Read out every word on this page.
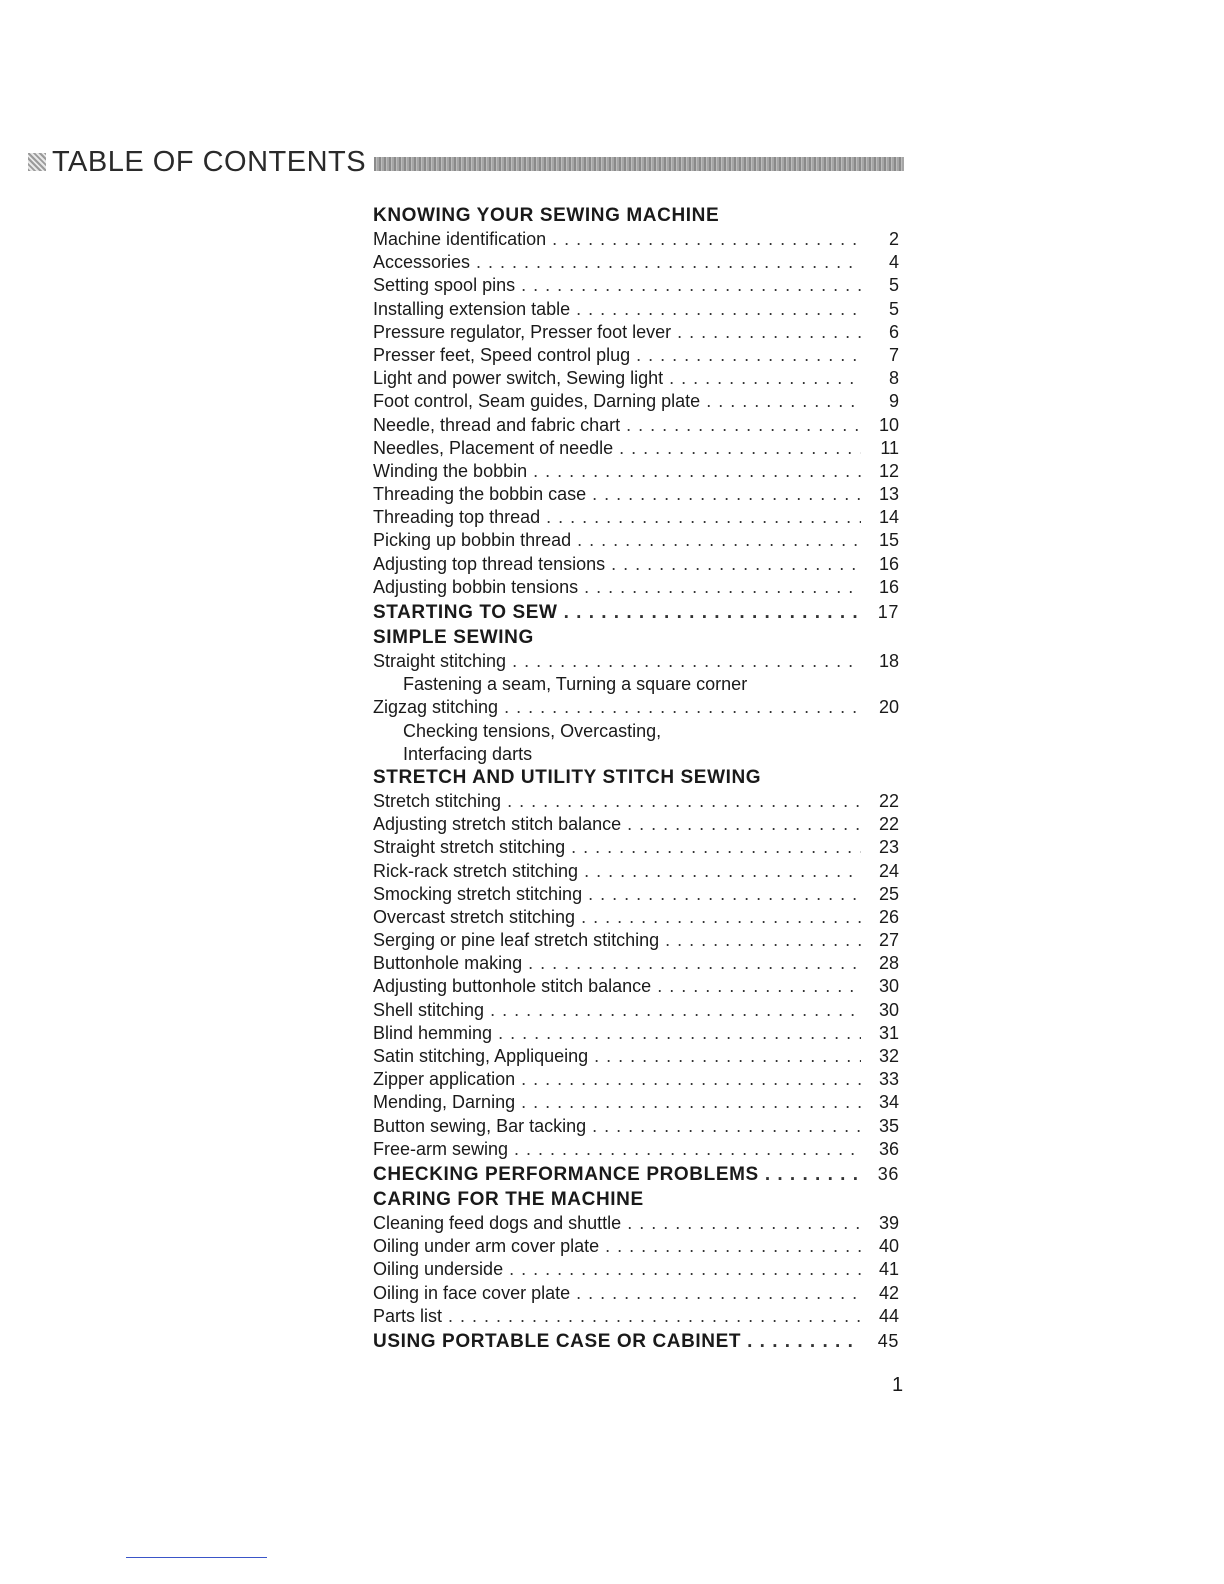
TABLE OF CONTENTS
KNOWING YOUR SEWING MACHINE
Machine identification . . .	2
Accessories . . .	4
Setting spool pins . . .	5
Installing extension table . . .	5
Pressure regulator, Presser foot lever . . .	6
Presser feet, Speed control plug . . .	7
Light and power switch, Sewing light . . .	8
Foot control, Seam guides, Darning plate . . .	9
Needle, thread and fabric chart . . .	10
Needles, Placement of needle . . .	11
Winding the bobbin . . .	12
Threading the bobbin case . . .	13
Threading top thread . . .	14
Picking up bobbin thread . . .	15
Adjusting top thread tensions . . .	16
Adjusting bobbin tensions . . .	16
STARTING TO SEW . . .	17
SIMPLE SEWING
Straight stitching . . .	18
Fastening a seam, Turning a square corner
Zigzag stitching . . .	20
Checking tensions, Overcasting,
Interfacing darts
STRETCH AND UTILITY STITCH SEWING
Stretch stitching . . .	22
Adjusting stretch stitch balance . . .	22
Straight stretch stitching . . .	23
Rick-rack stretch stitching . . .	24
Smocking stretch stitching . . .	25
Overcast stretch stitching . . .	26
Serging or pine leaf stretch stitching . . .	27
Buttonhole making . . .	28
Adjusting buttonhole stitch balance . . .	30
Shell stitching . . .	30
Blind hemming . . .	31
Satin stitching, Appliqueing . . .	32
Zipper application . . .	33
Mending, Darning . . .	34
Button sewing, Bar tacking . . .	35
Free-arm sewing . . .	36
CHECKING PERFORMANCE PROBLEMS . . .	36
CARING FOR THE MACHINE
Cleaning feed dogs and shuttle . . .	39
Oiling under arm cover plate . . .	40
Oiling underside . . .	41
Oiling in face cover plate . . .	42
Parts list . . .	44
USING PORTABLE CASE OR CABINET . . .	45
1
